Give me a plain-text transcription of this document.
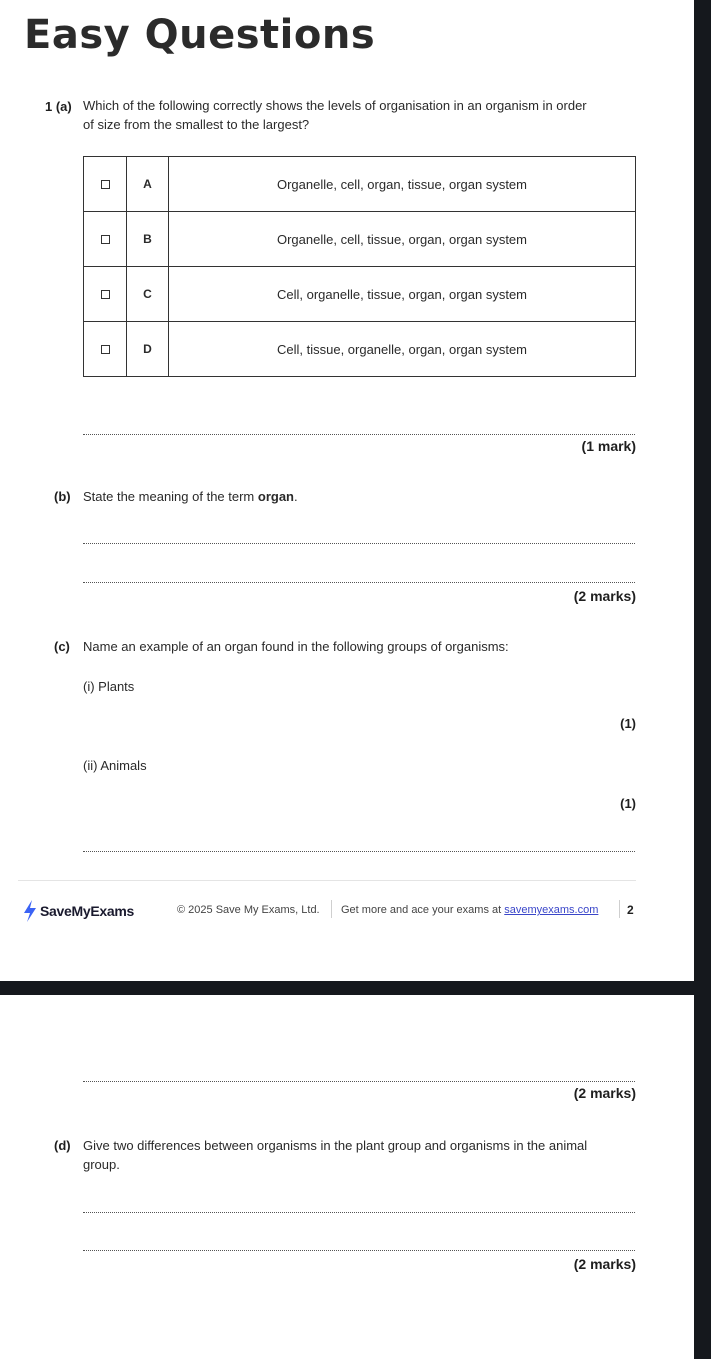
Easy Questions
1 (a) Which of the following correctly shows the levels of organisation in an organism in order
of size from the smallest to the largest?
	A	Organelle, cell, organ, tissue, organ system
	B	Organelle, cell, tissue, organ, organ system
	C	Cell, organelle, tissue, organ, organ system
	D	Cell, tissue, organelle, organ, organ system
(1 mark)
(b) State the meaning of the term organ.
(2 marks)
(c) Name an example of an organ found in the following groups of organisms:
(i) Plants
(1)
(ii) Animals
(1)
SaveMyExams	© 2025 Save My Exams, Ltd. Get more and ace your exams at savemyexams.com 2
(2 marks)
(d) Give two differences between organisms in the plant group and organisms in the animal
group.
(2 marks)
